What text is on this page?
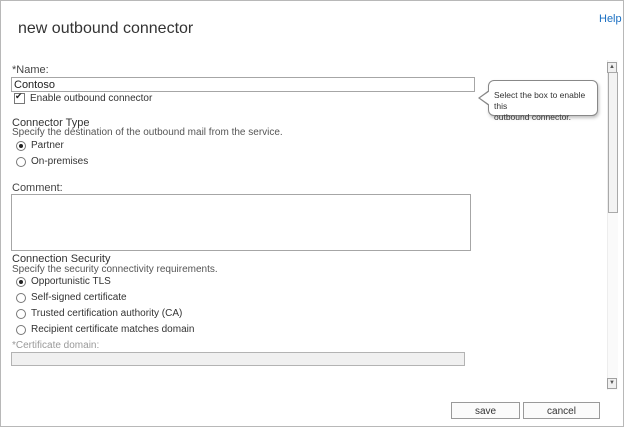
Help
new outbound connector
*Name:
Contoso
✔
Enable outbound connector	Select the box to enable this
outbound connector.
Connector Type
Specify the destination of the outbound mail from the service.
Partner
On-premises
Comment:
Connection Security
Specify the security connectivity requirements.
Opportunistic TLS
Self-signed certificate
Trusted certification authority (CA)
Recipient certificate matches domain
*Certificate domain:
▲
▼
save	cancel
